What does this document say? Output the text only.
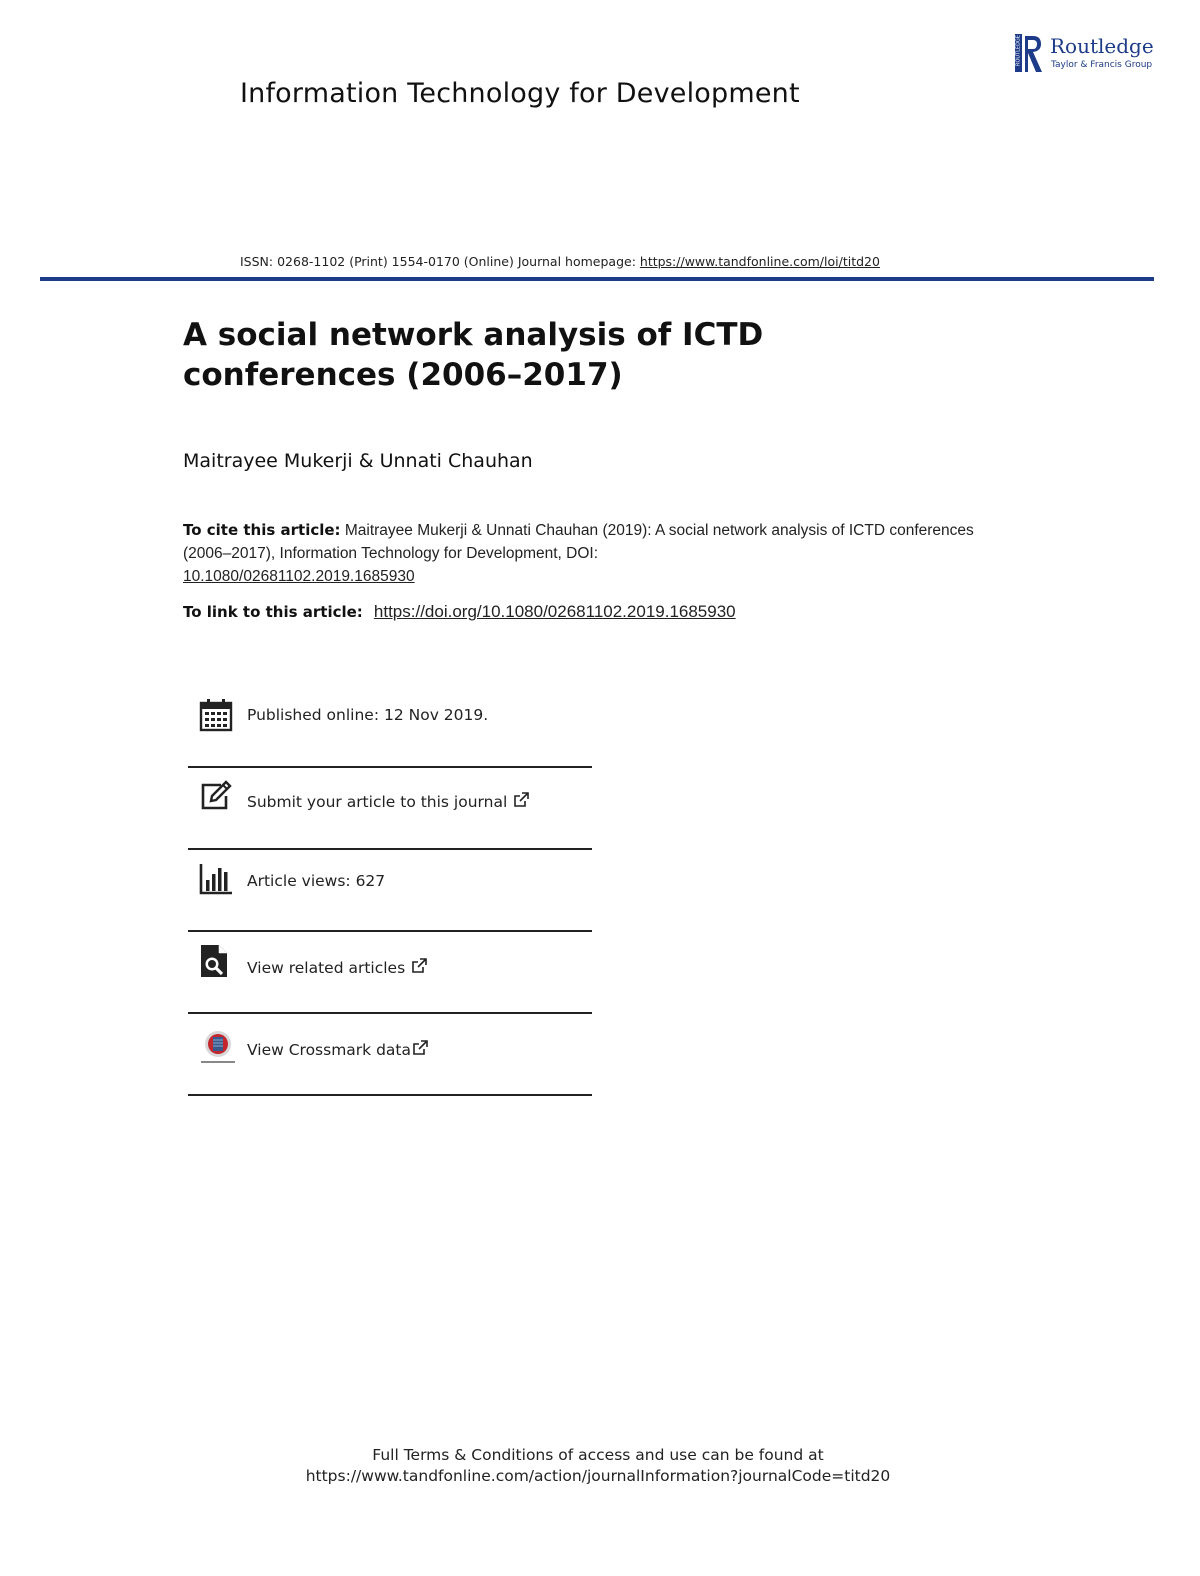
Information Technology for Development
ROUTLEDGE Routledge
Taylor & Francis Group
ISSN: 0268-1102 (Print) 1554-0170 (Online) Journal homepage: https://www.tandfonline.com/loi/titd20
A social network analysis of ICTD conferences (2006–2017)
Maitrayee Mukerji & Unnati Chauhan
To cite this article: Maitrayee Mukerji & Unnati Chauhan (2019): A social network analysis of ICTD conferences (2006–2017), Information Technology for Development, DOI:
10.1080/02681102.2019.1685930
To link to this article: https://doi.org/10.1080/02681102.2019.1685930
Published online: 12 Nov 2019.
Submit your article to this journal
Article views: 627
View related articles
View Crossmark data
Full Terms & Conditions of access and use can be found at
https://www.tandfonline.com/action/journalInformation?journalCode=titd20
